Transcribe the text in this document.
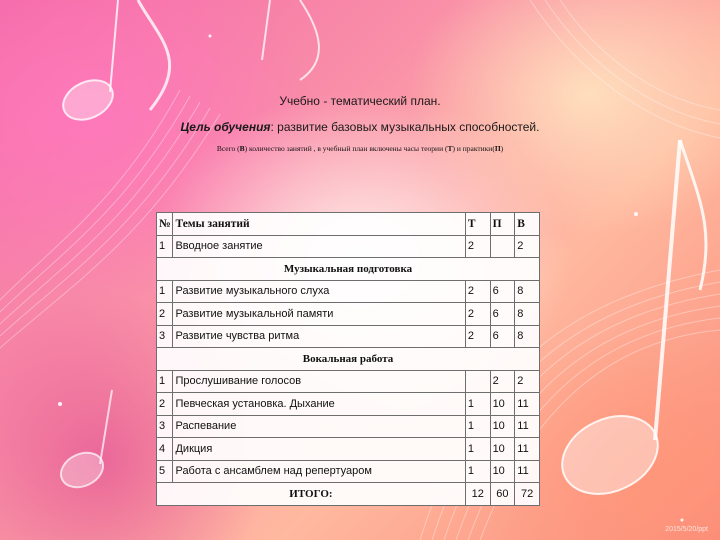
Учебно - тематический план.
Цель обучения: развитие базовых музыкальных способностей.
Всего (В) количество занятий , в учебный план включены часы теории (Т) и практики(П)
№	Темы занятий	Т	П	В
1	Вводное занятие	2		2
Музыкальная подготовка				
1	Развитие музыкального слуха	2	6	8
2	Развитие музыкальной памяти	2	6	8
3	Развитие чувства ритма	2	6	8
Вокальная работа				
1	Прослушивание голосов		2	2
2	Певческая установка. Дыхание	1	10	11
3	Распевание	1	10	11
4	Дикция	1	10	11
5	Работа с ансамблем над репертуаром	1	10	11
ИТОГО:		12	60	72
2015/5/20/ppt
